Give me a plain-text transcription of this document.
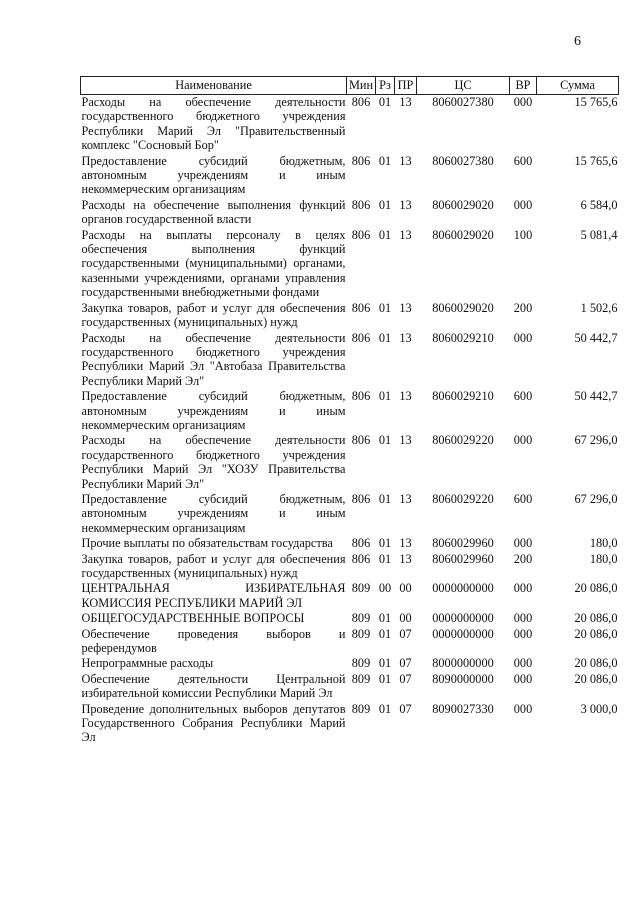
6
Наименование	Мин	Рз	ПР	ЦС	ВР	Сумма
Расходы на обеспечение деятельности государственного бюджетного учреждения Республики Марий Эл "Правительственный комплекс "Сосновый Бор"	806	01	13	8060027380	000	15 765,6
Предоставление субсидий бюджетным, автономным учреждениям и иным некоммерческим организациям	806	01	13	8060027380	600	15 765,6
Расходы на обеспечение выполнения функций органов государственной власти	806	01	13	8060029020	000	6 584,0
Расходы на выплаты персоналу в целях обеспечения выполнения функций государственными (муниципальными) органами, казенными учреждениями, органами управления государственными внебюджетными фондами	806	01	13	8060029020	100	5 081,4
Закупка товаров, работ и услуг для обеспечения государственных (муниципальных) нужд	806	01	13	8060029020	200	1 502,6
Расходы на обеспечение деятельности государственного бюджетного учреждения Республики Марий Эл "Автобаза Правительства Республики Марий Эл"	806	01	13	8060029210	000	50 442,7
Предоставление субсидий бюджетным, автономным учреждениям и иным некоммерческим организациям	806	01	13	8060029210	600	50 442,7
Расходы на обеспечение деятельности государственного бюджетного учреждения Республики Марий Эл "ХОЗУ Правительства Республики Марий Эл"	806	01	13	8060029220	000	67 296,0
Предоставление субсидий бюджетным, автономным учреждениям и иным некоммерческим организациям	806	01	13	8060029220	600	67 296,0
Прочие выплаты по обязательствам государства	806	01	13	8060029960	000	180,0
Закупка товаров, работ и услуг для обеспечения государственных (муниципальных) нужд	806	01	13	8060029960	200	180,0
ЦЕНТРАЛЬНАЯ ИЗБИРАТЕЛЬНАЯ КОМИССИЯ РЕСПУБЛИКИ МАРИЙ ЭЛ	809	00	00	0000000000	000	20 086,0
ОБЩЕГОСУДАРСТВЕННЫЕ ВОПРОСЫ	809	01	00	0000000000	000	20 086,0
Обеспечение проведения выборов и референдумов	809	01	07	0000000000	000	20 086,0
Непрограммные расходы	809	01	07	8000000000	000	20 086,0
Обеспечение деятельности Центральной избирательной комиссии Республики Марий Эл	809	01	07	8090000000	000	20 086,0
Проведение дополнительных выборов депутатов Государственного Собрания Республики Марий Эл	809	01	07	8090027330	000	3 000,0
